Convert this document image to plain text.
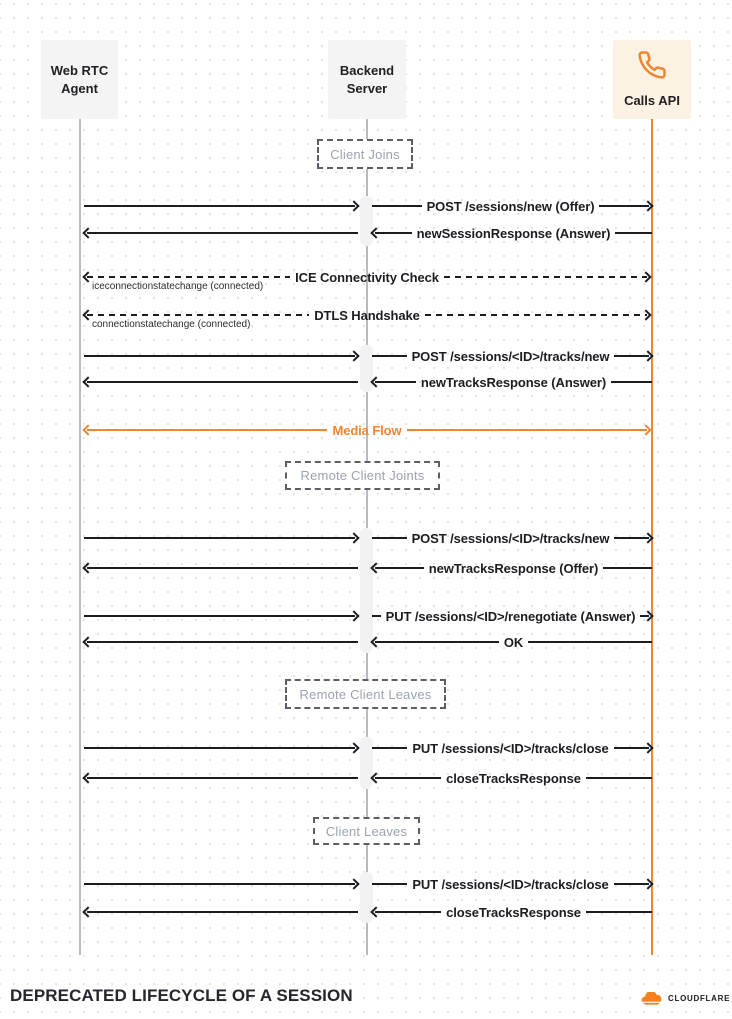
Web RTC Agent
Backend Server
Calls API
Client Joins
POST /sessions/new (Offer)
newSessionResponse (Answer)
ICE Connectivity Check
iceconnectionstatechange (connected)
DTLS Handshake
connectionstatechange (connected)
POST /sessions/<ID>/tracks/new
newTracksResponse (Answer)
Media Flow
Remote Client Joints
POST /sessions/<ID>/tracks/new
newTracksResponse (Offer)
PUT /sessions/<ID>/renegotiate (Answer)
OK
Remote Client Leaves
PUT /sessions/<ID>/tracks/close
closeTracksResponse
Client Leaves
PUT /sessions/<ID>/tracks/close
closeTracksResponse
DEPRECATED LIFECYCLE OF A SESSION	CLOUDFLARE
